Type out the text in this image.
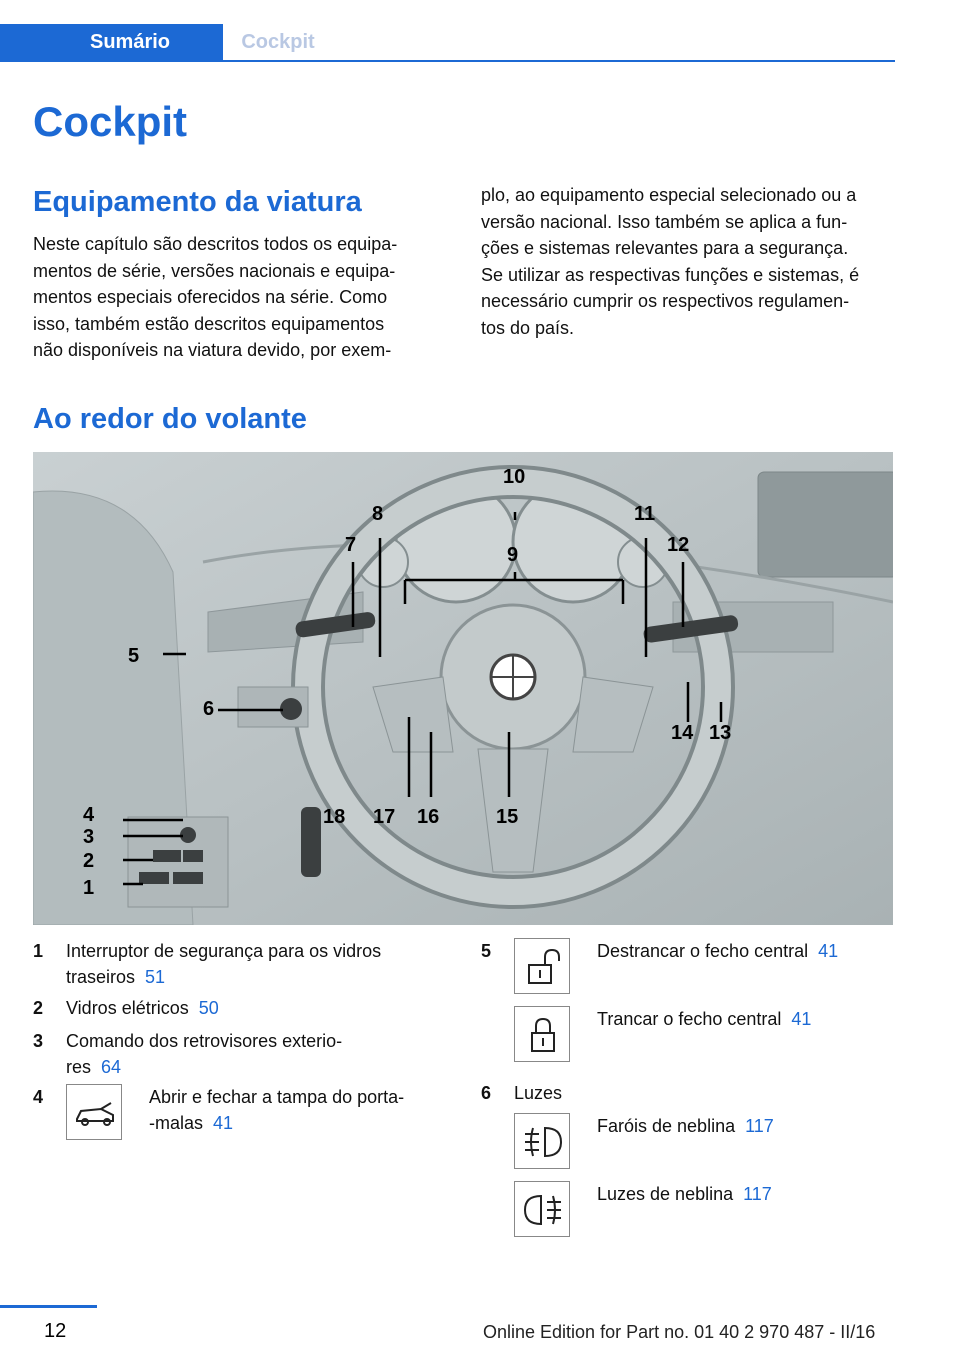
Sumário	Cockpit
Cockpit
Equipamento da viatura
Neste capítulo são descritos todos os equipa-
mentos de série, versões nacionais e equipa-
mentos especiais oferecidos na série. Como
isso, também estão descritos equipamentos
não disponíveis na viatura devido, por exem-
plo, ao equipamento especial selecionado ou a
versão nacional. Isso também se aplica a fun-
ções e sistemas relevantes para a segurança.
Se utilizar as respectivas funções e sistemas, é
necessário cumprir os respectivos regulamen-
tos do país.
Ao redor do volante
1
2
3
4
5
6
7
8
9
10
11
12
13
14
15
16
17
18
1 Interruptor de segurança para os vidros
traseiros 51
2 Vidros elétricos 50
3 Comando dos retrovisores exterio-
res 64
4	Abrir e fechar a tampa do porta-
-malas 41
5	Destrancar o fecho central 41
Trancar o fecho central 41
6 Luzes
Faróis de neblina 117
Luzes de neblina 117
12	Online Edition for Part no. 01 40 2 970 487 - II/16
